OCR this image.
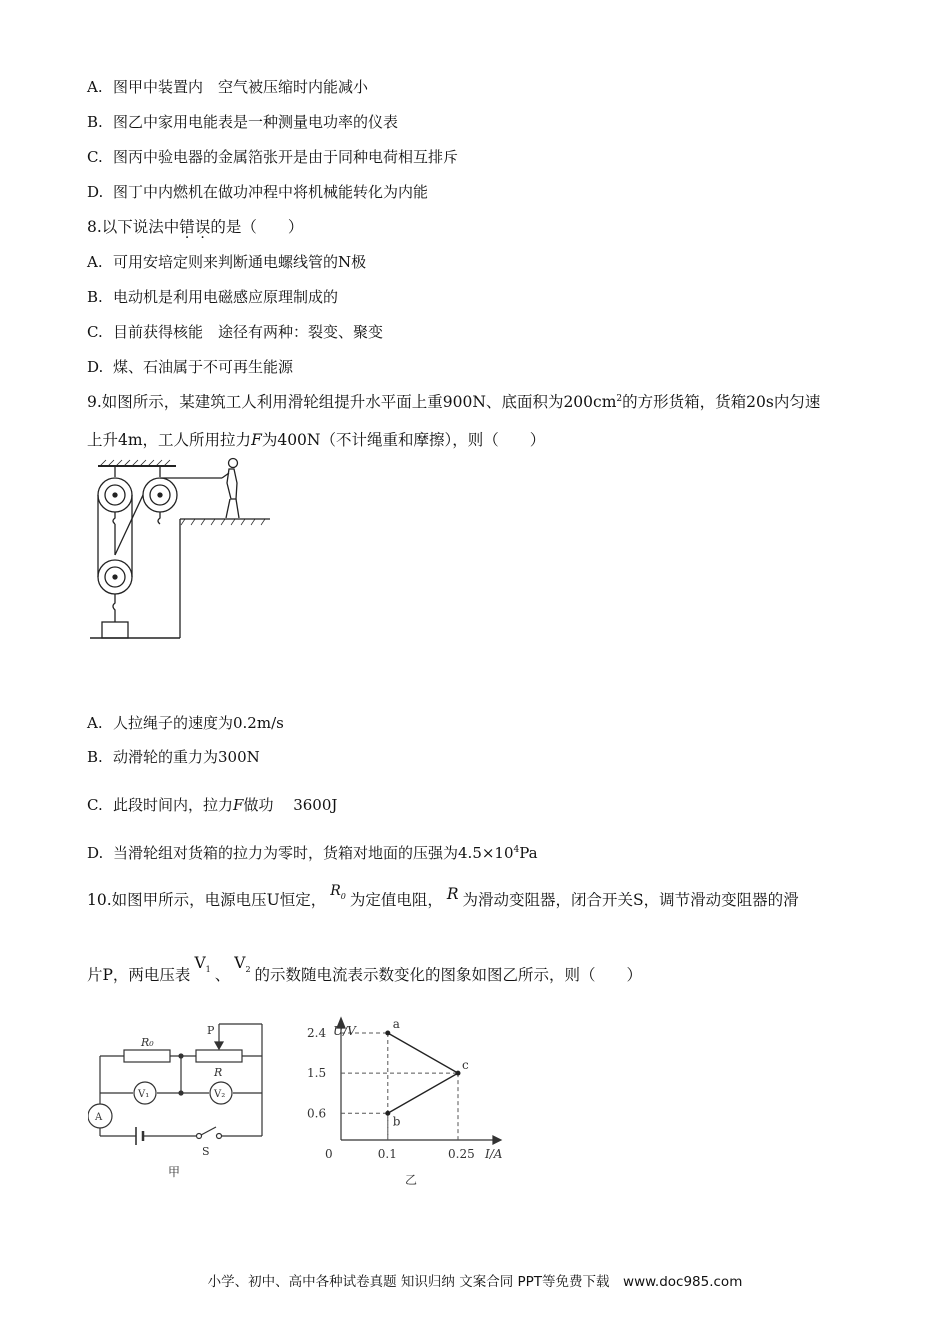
A. 图甲中装置内　空气被压缩时内能减小
B. 图乙中家用电能表是一种测量电功率的仪表
C. 图丙中验电器的金属箔张开是由于同种电荷相互排斥
D. 图丁中内燃机在做功冲程中将机械能转化为内能
8.以下说法中错误的是（　　）
A. 可用安培定则来判断通电螺线管的N极
B. 电动机是利用电磁感应原理制成的
C. 目前获得核能　途径有两种：裂变、聚变
D. 煤、石油属于不可再生能源
9.如图所示，某建筑工人利用滑轮组提升水平面上重900N、底面积为$200cm^2$的方形货箱，货箱20s内匀速
上升4m，工人所用拉力F为400N（不计绳重和摩擦），则（　　）
A. 人拉绳子的速度为0.2m/s
B. 动滑轮的重力为300N
C. 此段时间内，拉力F做功　 3600J
D. 当滑轮组对货箱的拉力为零时，货箱对地面的压强为$4.5\times 10^4Pa$
10.如图甲所示，电源电压U恒定， $R_0$ 为定值电阻， R 为滑动变阻器，闭合开关S，调节滑动变阻器的滑
片P，两电压表$V_1$ 、$V_2$ 的示数随电流表示数变化的图象如图乙所示，则（　　）
R₀
P
R
V₁	V₂
A
S
甲
a
b
c
2.4
1.5
0.6
0.1	0.25
U/V
I/A
0
乙
小学、初中、高中各种试卷真题 知识归纳 文案合同 PPT等免费下载　www.doc985.com
